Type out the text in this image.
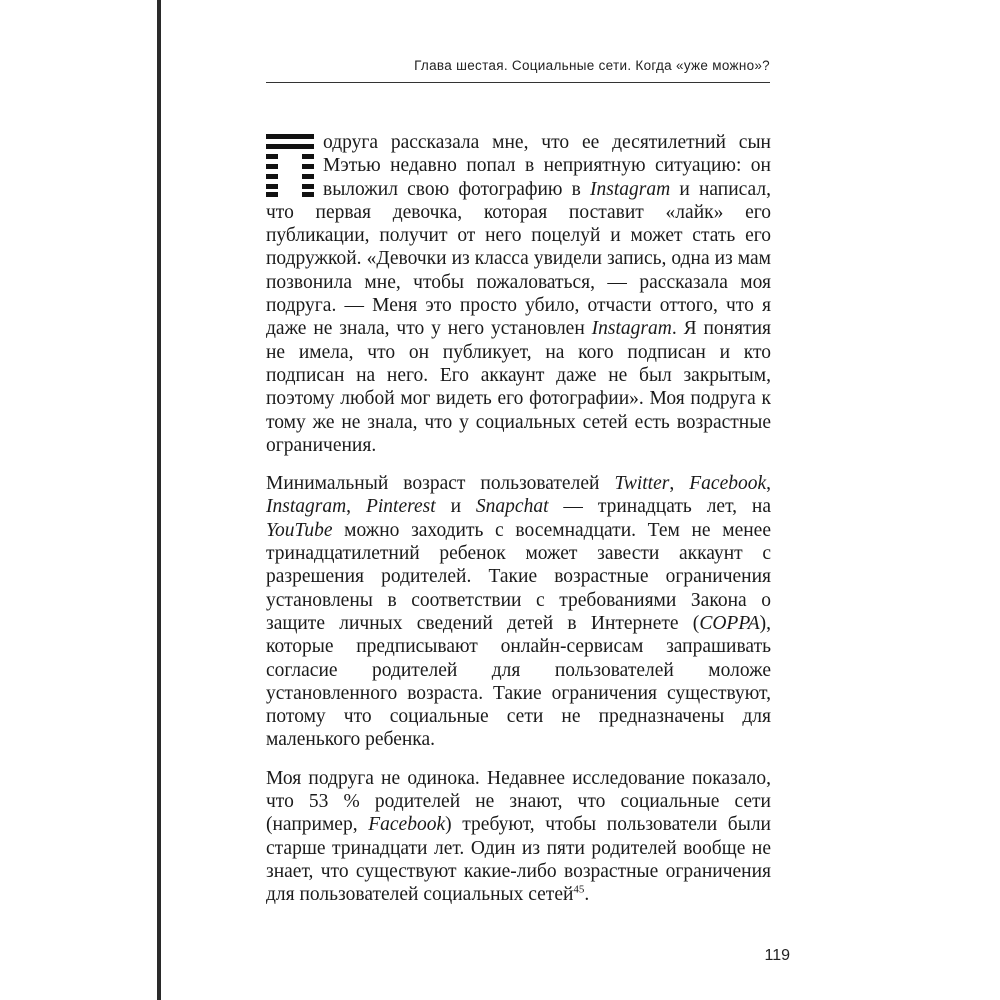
Глава шестая. Социальные сети. Когда «уже можно»?

одруга рассказала мне, что ее десятилетний сын Мэтью недавно попал в неприятную ситуацию: он выложил свою фотографию в Instagram и написал, что первая девочка, которая поставит «лайк» его публикации, получит от него поцелуй и может стать его подружкой. «Девочки из класса увидели запись, одна из мам позвонила мне, чтобы пожаловаться, — рассказала моя подруга. — Меня это просто убило, отчасти оттого, что я даже не знала, что у него установлен Instagram. Я понятия не имела, что он публикует, на кого подписан и кто подписан на него. Его аккаунт даже не был закрытым, поэтому любой мог видеть его фотографии». Моя подруга к тому же не знала, что у социальных сетей есть возрастные ограничения.

Минимальный возраст пользователей Twitter, Facebook, Instagram, Pinterest и Snapchat — тринадцать лет, на YouTube можно заходить с восемнадцати. Тем не менее тринадцатилетний ребенок может завести аккаунт с разрешения родителей. Такие возрастные ограничения установлены в соответствии с требованиями Закона о защите личных сведений детей в Интернете (COPPA), которые предписывают онлайн-сервисам запрашивать согласие родителей для пользователей моложе установленного возраста. Такие ограничения существуют, потому что социальные сети не предназначены для маленького ребенка.

Моя подруга не одинока. Недавнее исследование показало, что 53 % родителей не знают, что социальные сети (например, Facebook) требуют, чтобы пользователи были старше тринадцати лет. Один из пяти родителей вообще не знает, что существуют какие-либо возрастные ограничения для пользователей социальных сетей$^{45}$.

119
